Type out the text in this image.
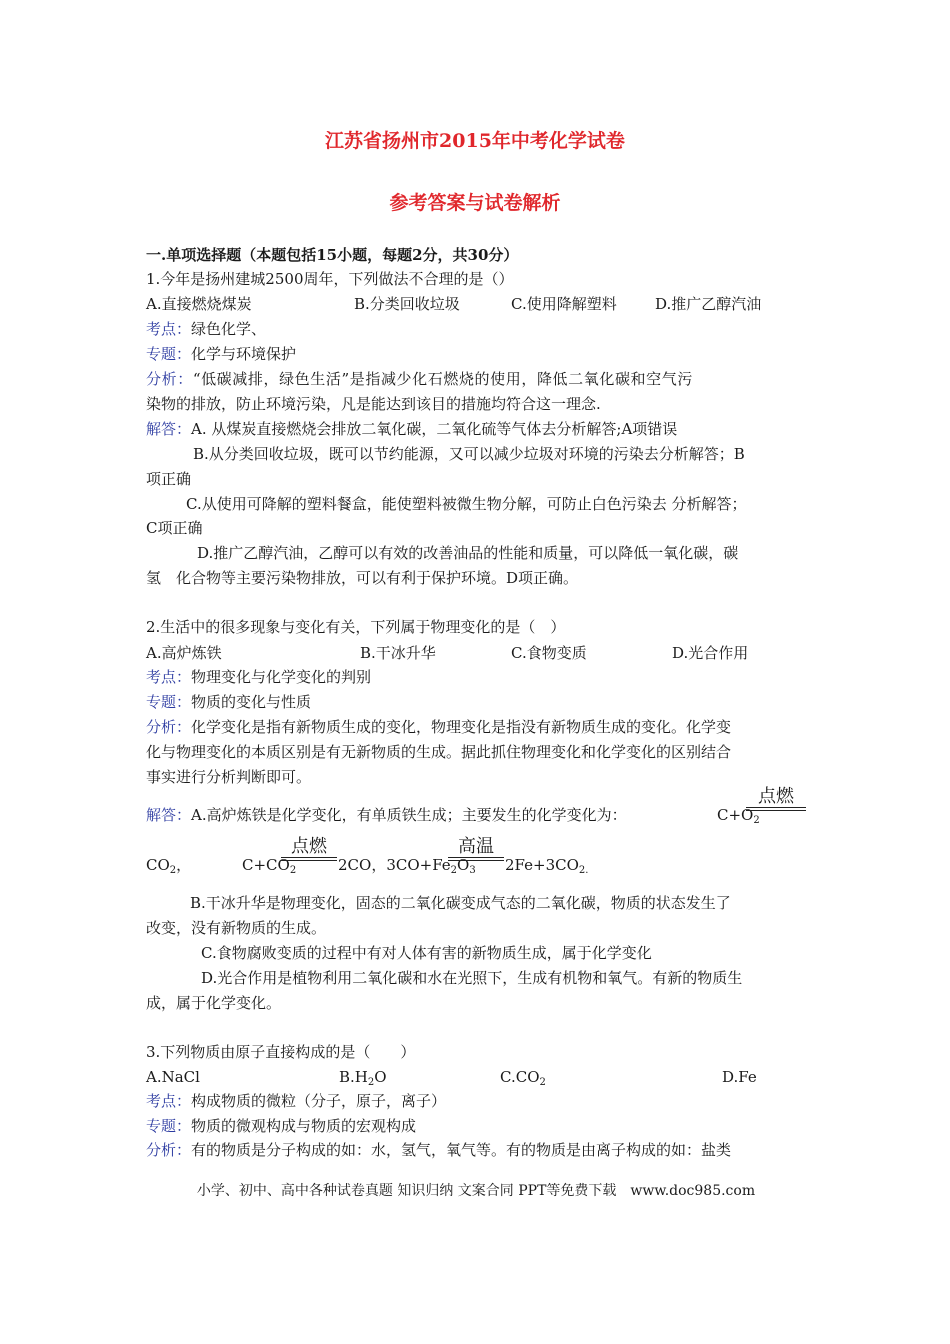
江苏省扬州市2015年中考化学试卷
参考答案与试卷解析
一.单项选择题（本题包括15小题，每题2分，共30分）
1.今年是扬州建城2500周年，下列做法不合理的是（）
A.直接燃烧煤炭	B.分类回收垃圾	C.使用降解塑料	D.推广乙醇汽油
考点：绿色化学、
专题：化学与环境保护
分析：“低碳减排，绿色生活”是指减少化石燃烧的使用，降低二氧化碳和空气污
染物的排放，防止环境污染，凡是能达到该目的措施均符合这一理念.
解答：A. 从煤炭直接燃烧会排放二氧化碳，二氧化硫等气体去分析解答;A项错误
B.从分类回收垃圾，既可以节约能源，又可以减少垃圾对环境的污染去分析解答；B
项正确
C.从使用可降解的塑料餐盒，能使塑料被微生物分解，可防止白色污染去 分析解答；
C项正确
D.推广乙醇汽油，乙醇可以有效的改善油品的性能和质量，可以降低一氧化碳，碳
氢　化合物等主要污染物排放，可以有利于保护环境。D项正确。
2.生活中的很多现象与变化有关，下列属于物理变化的是（　）
A.高炉炼铁	B.干冰升华	C.食物变质	D.光合作用
考点：物理变化与化学变化的判别
专题：物质的变化与性质
分析：化学变化是指有新物质生成的变化，物理变化是指没有新物质生成的变化。化学变
化与物理变化的本质区别是有无新物质的生成。据此抓住物理变化和化学变化的区别结合
事实进行分析判断即可。
解答：A.高炉炼铁是化学变化，有单质铁生成；主要发生的化学变化为：	$C+O_2$
点燃
$CO_2$，	$C+CO_2$
点燃
2CO，$3CO+Fe_2O_3$
高温
$2Fe+3CO_{2.}$
B.干冰升华是物理变化，固态的二氧化碳变成气态的二氧化碳，物质的状态发生了
改变，没有新物质的生成。
C.食物腐败变质的过程中有对人体有害的新物质生成，属于化学变化
D.光合作用是植物利用二氧化碳和水在光照下，生成有机物和氧气。有新的物质生
成，属于化学变化。
3.下列物质由原子直接构成的是（　　）
A.NaCl	$B.H_2O$	$C.CO_2$	D.Fe
考点：构成物质的微粒（分子，原子，离子）
专题：物质的微观构成与物质的宏观构成
分析：有的物质是分子构成的如：水，氢气，氧气等。有的物质是由离子构成的如：盐类
小学、初中、高中各种试卷真题 知识归纳 文案合同 PPT等免费下载　www.doc985.com
